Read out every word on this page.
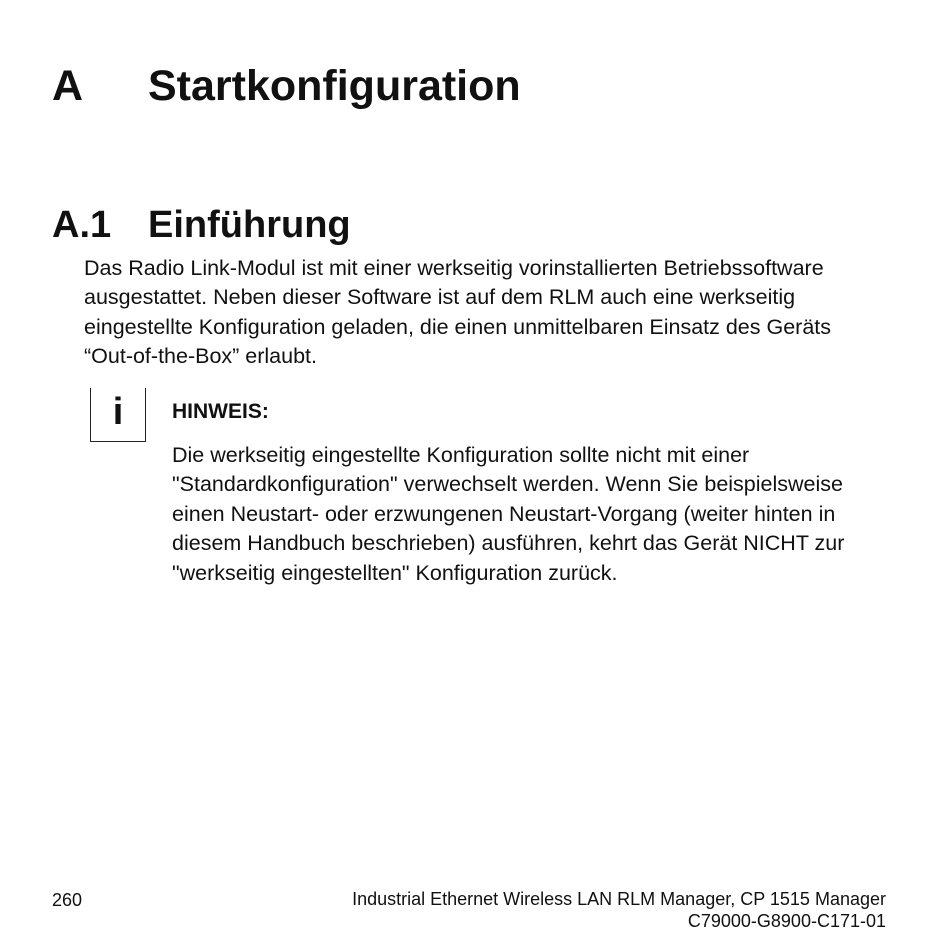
A Startkonfiguration
A.1 Einführung

Das Radio Link-Modul ist mit einer werkseitig vorinstallierten Betriebssoftware ausgestattet. Neben dieser Software ist auf dem RLM auch eine werkseitig eingestellte Konfiguration geladen, die einen unmittelbaren Einsatz des Geräts “Out-of-the-Box” erlaubt.

i	HINWEIS:

Die werkseitig eingestellte Konfiguration sollte nicht mit einer "Standardkonfiguration" verwechselt werden. Wenn Sie beispielsweise einen Neustart- oder erzwungenen Neustart-Vorgang (weiter hinten in diesem Handbuch beschrieben) ausführen, kehrt das Gerät NICHT zur "werkseitig eingestellten" Konfiguration zurück.

260	Industrial Ethernet Wireless LAN RLM Manager, CP 1515 Manager
C79000-G8900-C171-01
